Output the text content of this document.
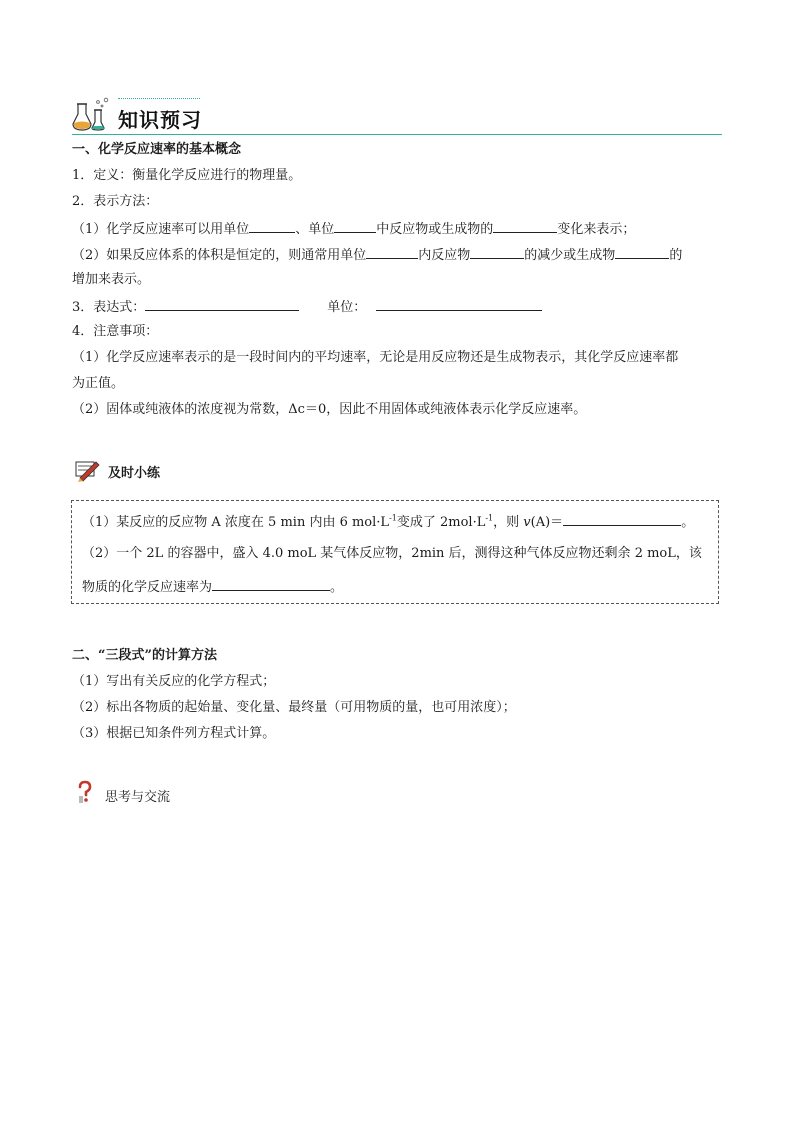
知识预习
一、化学反应速率的基本概念
1．定义：衡量化学反应进行的物理量。
2．表示方法：
（1）化学反应速率可以用单位	、单位	中反应物或生成物的	变化来表示；
（2）如果反应体系的体积是恒定的，则通常用单位	内反应物	的减少或生成物	的
增加来表示。
3．表达式：	单位：
4．注意事项：
（1）化学反应速率表示的是一段时间内的平均速率，无论是用反应物还是生成物表示，其化学反应速率都
为正值。
（2）固体或纯液体的浓度视为常数，Δc＝0，因此不用固体或纯液体表示化学反应速率。
及时小练
（1）某反应的反应物 A 浓度在 5 min 内由 6 $mol\cdot L^{-1}$变成了 $2mol\cdot L^{-1}$，则 v(A)＝	。
（2）一个 2L 的容器中，盛入 4.0 moL 某气体反应物，2min 后，测得这种气体反应物还剩余 2 moL，该
物质的化学反应速率为	。
二、“三段式”的计算方法
（1）写出有关反应的化学方程式；
（2）标出各物质的起始量、变化量、最终量（可用物质的量，也可用浓度）；
（3）根据已知条件列方程式计算。
思考与交流
